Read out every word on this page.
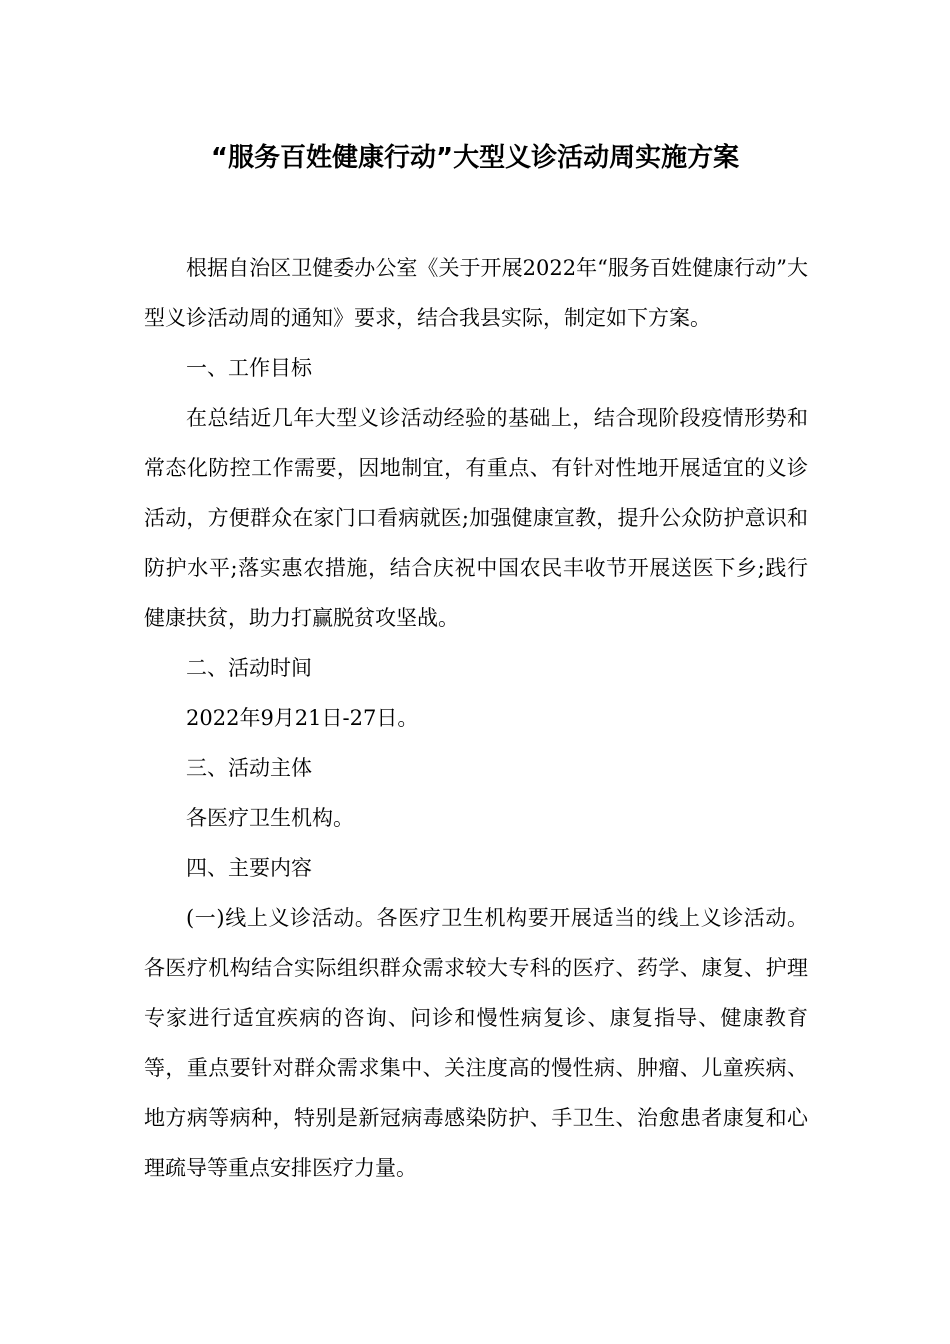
“服务百姓健康行动”大型义诊活动周实施方案

根据自治区卫健委办公室《关于开展2022年“服务百姓健康行动”大型义诊活动周的通知》要求，结合我县实际，制定如下方案。

一、工作目标

在总结近几年大型义诊活动经验的基础上，结合现阶段疫情形势和常态化防控工作需要，因地制宜，有重点、有针对性地开展适宜的义诊活动，方便群众在家门口看病就医;加强健康宣教，提升公众防护意识和防护水平;落实惠农措施，结合庆祝中国农民丰收节开展送医下乡;践行健康扶贫，助力打赢脱贫攻坚战。

二、活动时间

2022年9月21日-27日。

三、活动主体

各医疗卫生机构。

四、主要内容

(一)线上义诊活动。各医疗卫生机构要开展适当的线上义诊活动。各医疗机构结合实际组织群众需求较大专科的医疗、药学、康复、护理专家进行适宜疾病的咨询、问诊和慢性病复诊、康复指导、健康教育等，重点要针对群众需求集中、关注度高的慢性病、肿瘤、儿童疾病、地方病等病种，特别是新冠病毒感染防护、手卫生、治愈患者康复和心理疏导等重点安排医疗力量。
